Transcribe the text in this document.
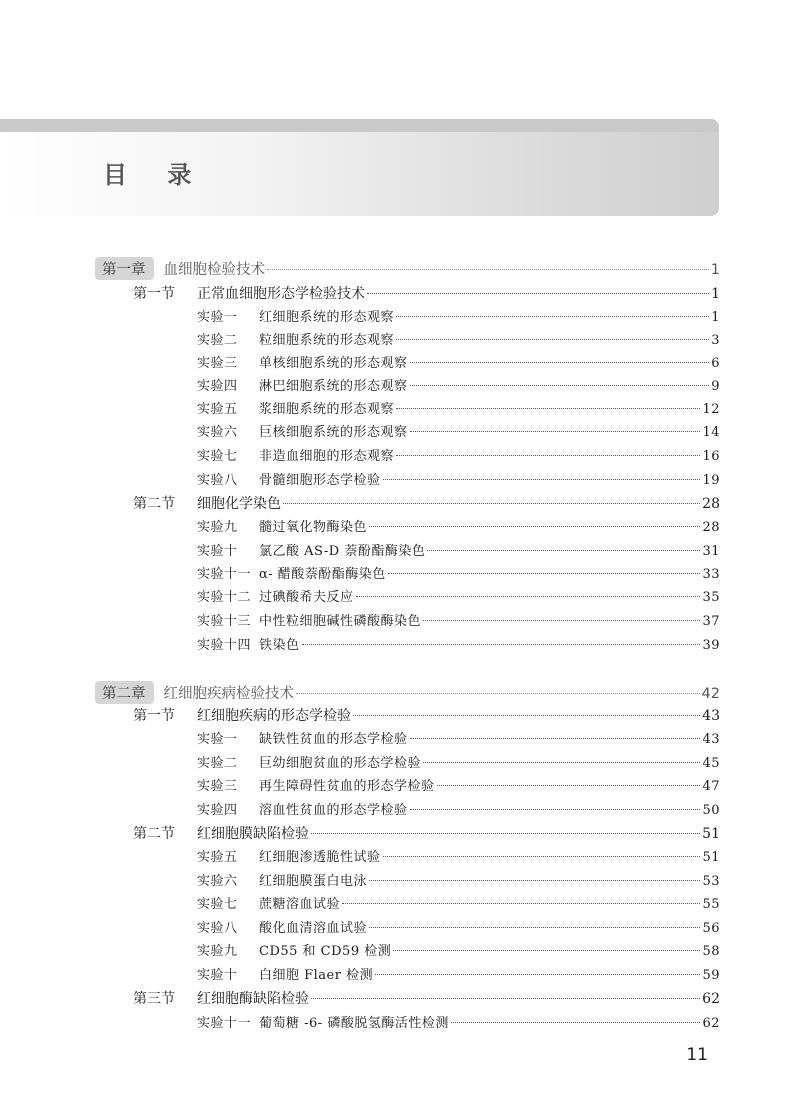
目 录
第一章	血细胞检验技术	1
第一节	正常血细胞形态学检验技术	1
实验一	红细胞系统的形态观察	1
实验二	粒细胞系统的形态观察	3
实验三	单核细胞系统的形态观察	6
实验四	淋巴细胞系统的形态观察	9
实验五	浆细胞系统的形态观察	12
实验六	巨核细胞系统的形态观察	14
实验七	非造血细胞的形态观察	16
实验八	骨髓细胞形态学检验	19
第二节	细胞化学染色	28
实验九	髓过氧化物酶染色	28
实验十	氯乙酸 AS-D 萘酚酯酶染色	31
实验十一 α- 醋酸萘酚酯酶染色	33
实验十二 过碘酸希夫反应	35
实验十三 中性粒细胞碱性磷酸酶染色	37
实验十四 铁染色	39
第二章	红细胞疾病检验技术	42
第一节	红细胞疾病的形态学检验	43
实验一	缺铁性贫血的形态学检验	43
实验二	巨幼细胞贫血的形态学检验	45
实验三	再生障碍性贫血的形态学检验	47
实验四	溶血性贫血的形态学检验	50
第二节	红细胞膜缺陷检验	51
实验五	红细胞渗透脆性试验	51
实验六	红细胞膜蛋白电泳	53
实验七	蔗糖溶血试验	55
实验八	酸化血清溶血试验	56
实验九	CD55 和 CD59 检测	58
实验十	白细胞 Flaer 检测	59
第三节	红细胞酶缺陷检验	62
实验十一 葡萄糖 -6- 磷酸脱氢酶活性检测	62
11
